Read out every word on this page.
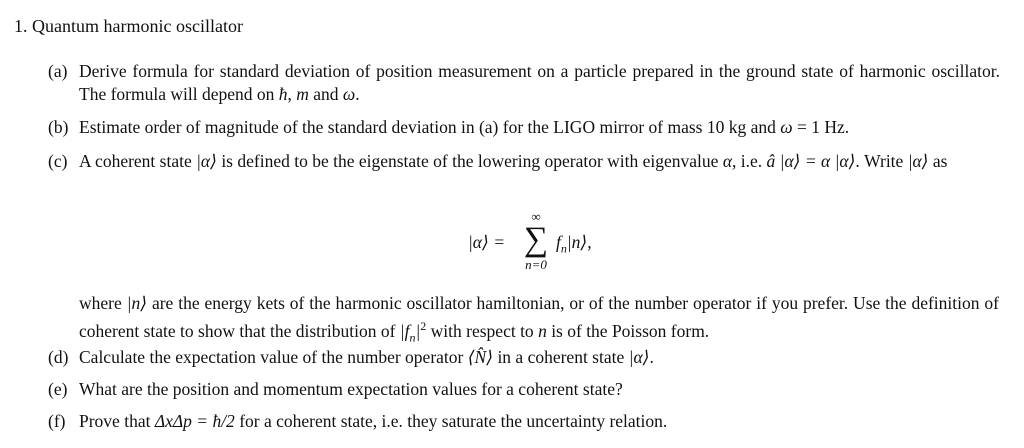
1. Quantum harmonic oscillator
(a) Derive formula for standard deviation of position measurement on a particle prepared in the ground state of harmonic oscillator. The formula will depend on ħ, m and ω.
(b) Estimate order of magnitude of the standard deviation in (a) for the LIGO mirror of mass 10 kg and ω = 1 Hz.
(c) A coherent state |α⟩ is defined to be the eigenstate of the lowering operator with eigenvalue α, i.e. â |α⟩ = α |α⟩. Write |α⟩ as
|α⟩ =
∞
∑
n=0
$f_n|n⟩$,
where |n⟩ are the energy kets of the harmonic oscillator hamiltonian, or of the number operator if you prefer. Use the definition of coherent state to show that the distribution of $|f_n|^2$ with respect to n is of the Poisson form.
(d) Calculate the expectation value of the number operator ⟨N̂⟩ in a coherent state |α⟩.
(e) What are the position and momentum expectation values for a coherent state?
(f) Prove that ΔxΔp = ħ/2 for a coherent state, i.e. they saturate the uncertainty relation.
